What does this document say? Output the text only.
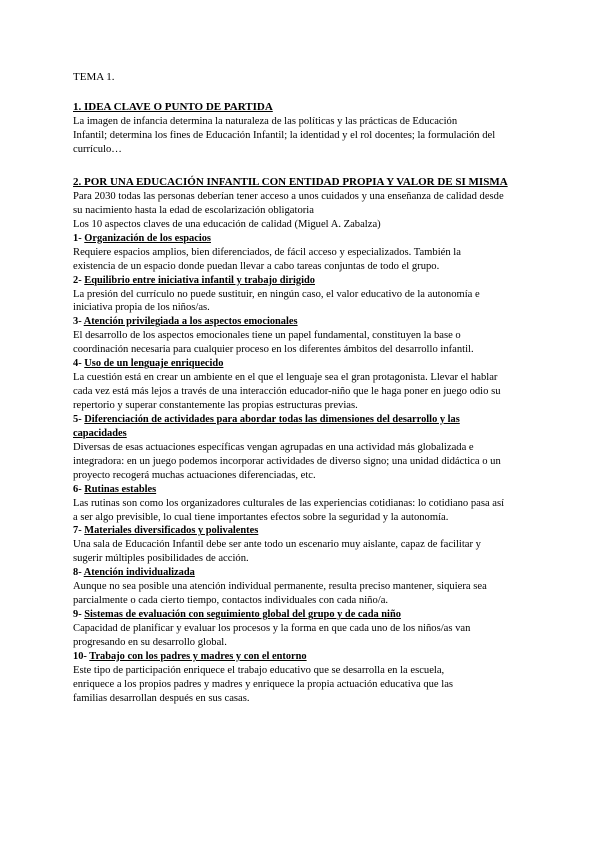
TEMA 1.

1. IDEA CLAVE O PUNTO DE PARTIDA

La imagen de infancia determina la naturaleza de las políticas y las prácticas de Educación

Infantil; determina los fines de Educación Infantil; la identidad y el rol docentes; la formulación del

currículo…

2. POR UNA EDUCACIÓN INFANTIL CON ENTIDAD PROPIA Y VALOR DE SI MISMA

Para 2030 todas las personas deberían tener acceso a unos cuidados y una enseñanza de calidad desde

su nacimiento hasta la edad de escolarización obligatoria

Los 10 aspectos claves de una educación de calidad (Miguel A. Zabalza)

1- Organización de los espacios

Requiere espacios amplios, bien diferenciados, de fácil acceso y especializados. También la

existencia de un espacio donde puedan llevar a cabo tareas conjuntas de todo el grupo.

2- Equilibrio entre iniciativa infantil y trabajo dirigido

La presión del currículo no puede sustituir, en ningún caso, el valor educativo de la autonomía e

iniciativa propia de los niños/as.

3- Atención privilegiada a los aspectos emocionales

El desarrollo de los aspectos emocionales tiene un papel fundamental, constituyen la base o

coordinación necesaria para cualquier proceso en los diferentes ámbitos del desarrollo infantil.

4- Uso de un lenguaje enriquecido

La cuestión está en crear un ambiente en el que el lenguaje sea el gran protagonista. Llevar el hablar

cada vez está más lejos a través de una interacción educador-niño que le haga poner en juego odio su

repertorio y superar constantemente las propias estructuras previas.

5- Diferenciación de actividades para abordar todas las dimensiones del desarrollo y las

capacidades

Diversas de esas actuaciones específicas vengan agrupadas en una actividad más globalizada e

integradora: en un juego podemos incorporar actividades de diverso signo; una unidad didáctica o un

proyecto recogerá muchas actuaciones diferenciadas, etc.

6- Rutinas estables

Las rutinas son como los organizadores culturales de las experiencias cotidianas: lo cotidiano pasa así

a ser algo previsible, lo cual tiene importantes efectos sobre la seguridad y la autonomía.

7- Materiales diversificados y polivalentes

Una sala de Educación Infantil debe ser ante todo un escenario muy aislante, capaz de facilitar y

sugerir múltiples posibilidades de acción.

8- Atención individualizada

Aunque no sea posible una atención individual permanente, resulta preciso mantener, siquiera sea

parcialmente o cada cierto tiempo, contactos individuales con cada niño/a.

9- Sistemas de evaluación con seguimiento global del grupo y de cada niño

Capacidad de planificar y evaluar los procesos y la forma en que cada uno de los niños/as van

progresando en su desarrollo global.

10- Trabajo con los padres y madres y con el entorno

Este tipo de participación enriquece el trabajo educativo que se desarrolla en la escuela,

enriquece a los propios padres y madres y enriquece la propia actuación educativa que las

familias desarrollan después en sus casas.
